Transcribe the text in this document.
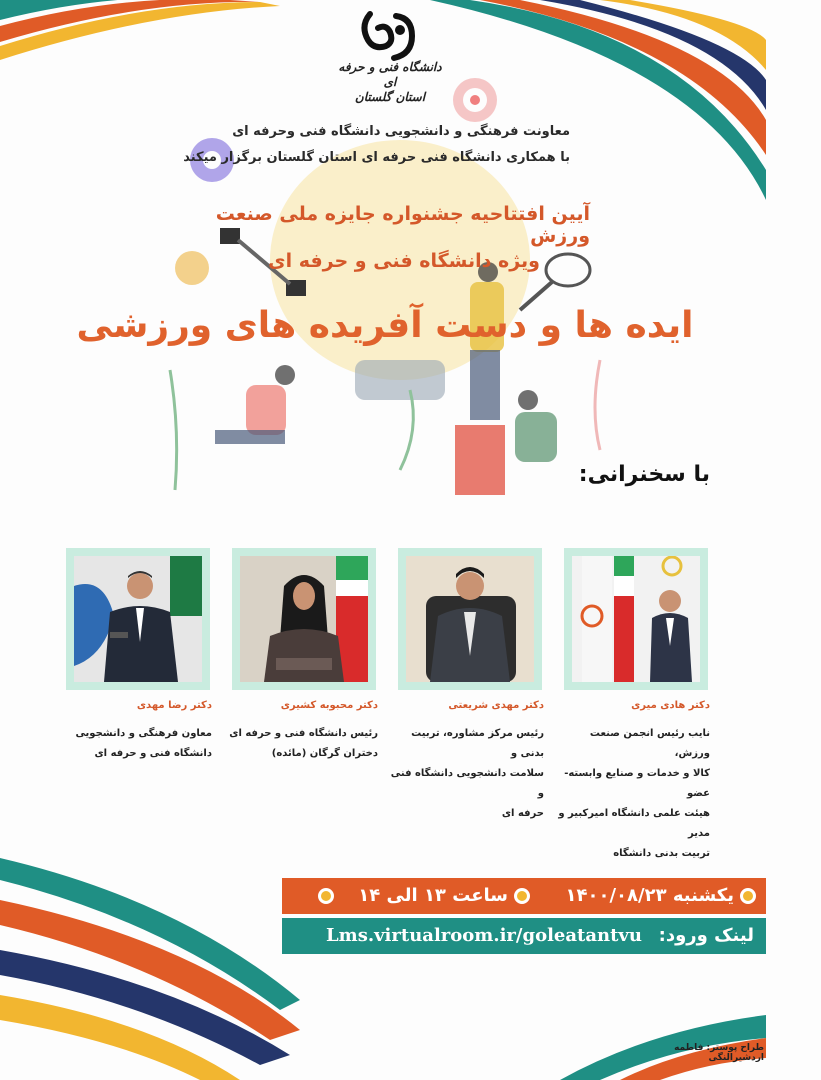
دانشگاه فنی و حرفه ای
استان گلستان
معاونت فرهنگی و دانشجویی دانشگاه فنی وحرفه ای
با همکاری دانشگاه فنی حرفه ای استان گلستان برگزار میکند
آیین افتتاحیه جشنواره جایزه ملی صنعت ورزش
ویژه دانشگاه فنی و حرفه ای
ایده ها و دست آفریده های ورزشی
با سخنرانی:
دکتر هادی میری
دکتر مهدی شریعتی
دکتر محبوبه کشیری
دکتر رضا مهدی
نایب رئیس انجمن صنعت ورزش،
کالا و خدمات و صنایع وابسته-عضو
هیئت علمی دانشگاه امیرکبیر و مدیر
تربیت بدنی دانشگاه
رئیس مرکز مشاوره، تربیت بدنی و
سلامت دانشجویی دانشگاه فنی و
حرفه ای
رئیس دانشگاه فنی و حرفه ای
دختران گرگان (مائده)
معاون فرهنگی و دانشجویی
دانشگاه فنی و حرفه ای
یکشنبه ۱۴۰۰/۰۸/۲۳
ساعت ۱۳ الی ۱۴
لینک ورود:
Lms.virtualroom.ir/goleatantvu
طراح پوستر: فاطمه اردشیرالنگی
